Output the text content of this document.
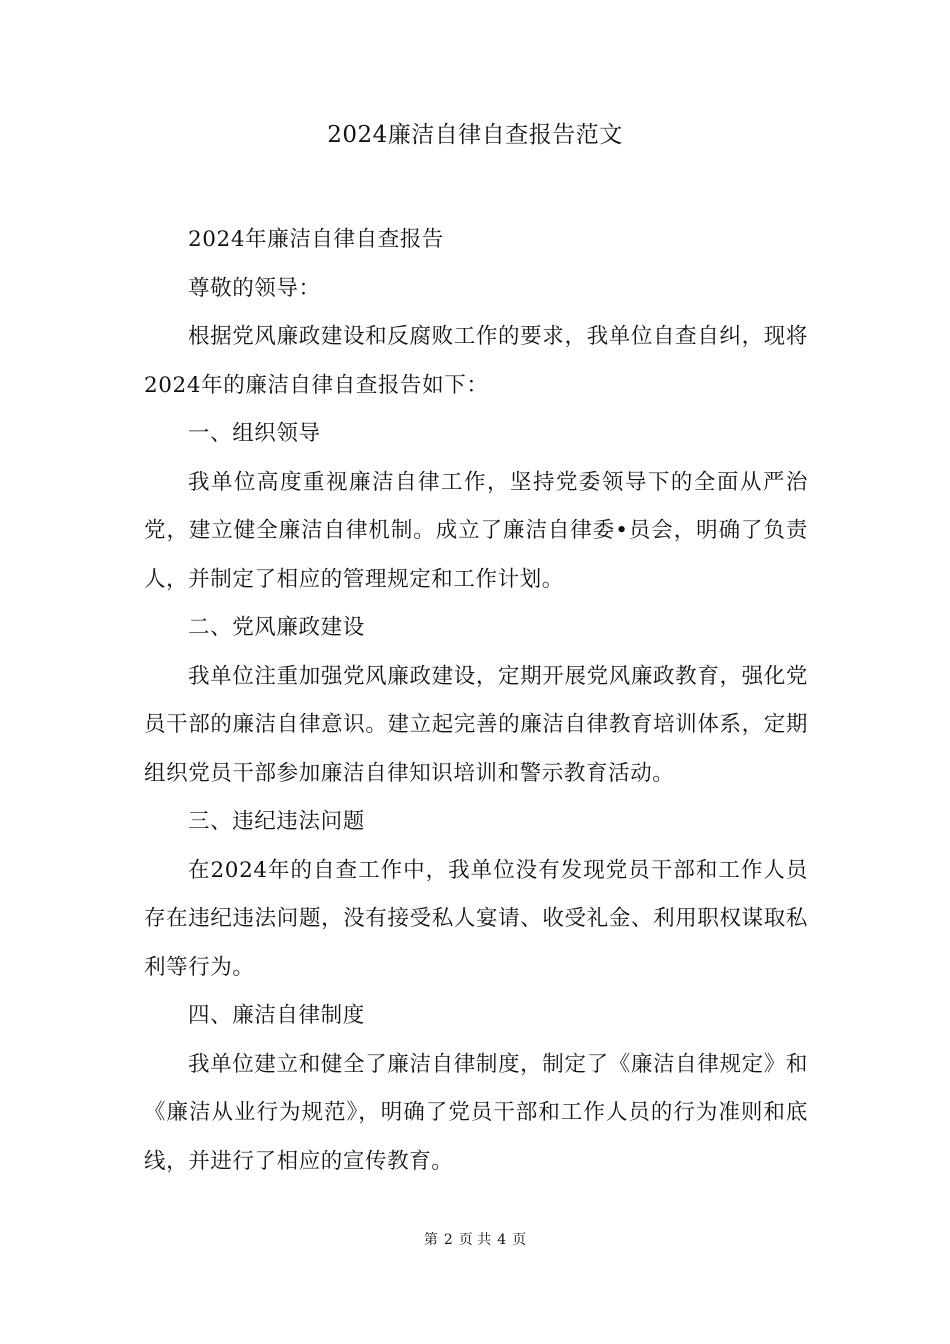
2024廉洁自律自查报告范文

2024年廉洁自律自查报告

尊敬的领导：

根据党风廉政建设和反腐败工作的要求，我单位自查自纠，现将2024年的廉洁自律自查报告如下：

一、组织领导

我单位高度重视廉洁自律工作，坚持党委领导下的全面从严治党，建立健全廉洁自律机制。成立了廉洁自律委•员会，明确了负责人，并制定了相应的管理规定和工作计划。

二、党风廉政建设

我单位注重加强党风廉政建设，定期开展党风廉政教育，强化党员干部的廉洁自律意识。建立起完善的廉洁自律教育培训体系，定期组织党员干部参加廉洁自律知识培训和警示教育活动。

三、违纪违法问题

在2024年的自查工作中，我单位没有发现党员干部和工作人员存在违纪违法问题，没有接受私人宴请、收受礼金、利用职权谋取私利等行为。

四、廉洁自律制度

我单位建立和健全了廉洁自律制度，制定了《廉洁自律规定》和《廉洁从业行为规范》，明确了党员干部和工作人员的行为准则和底线，并进行了相应的宣传教育。

第 2 页 共 4 页
